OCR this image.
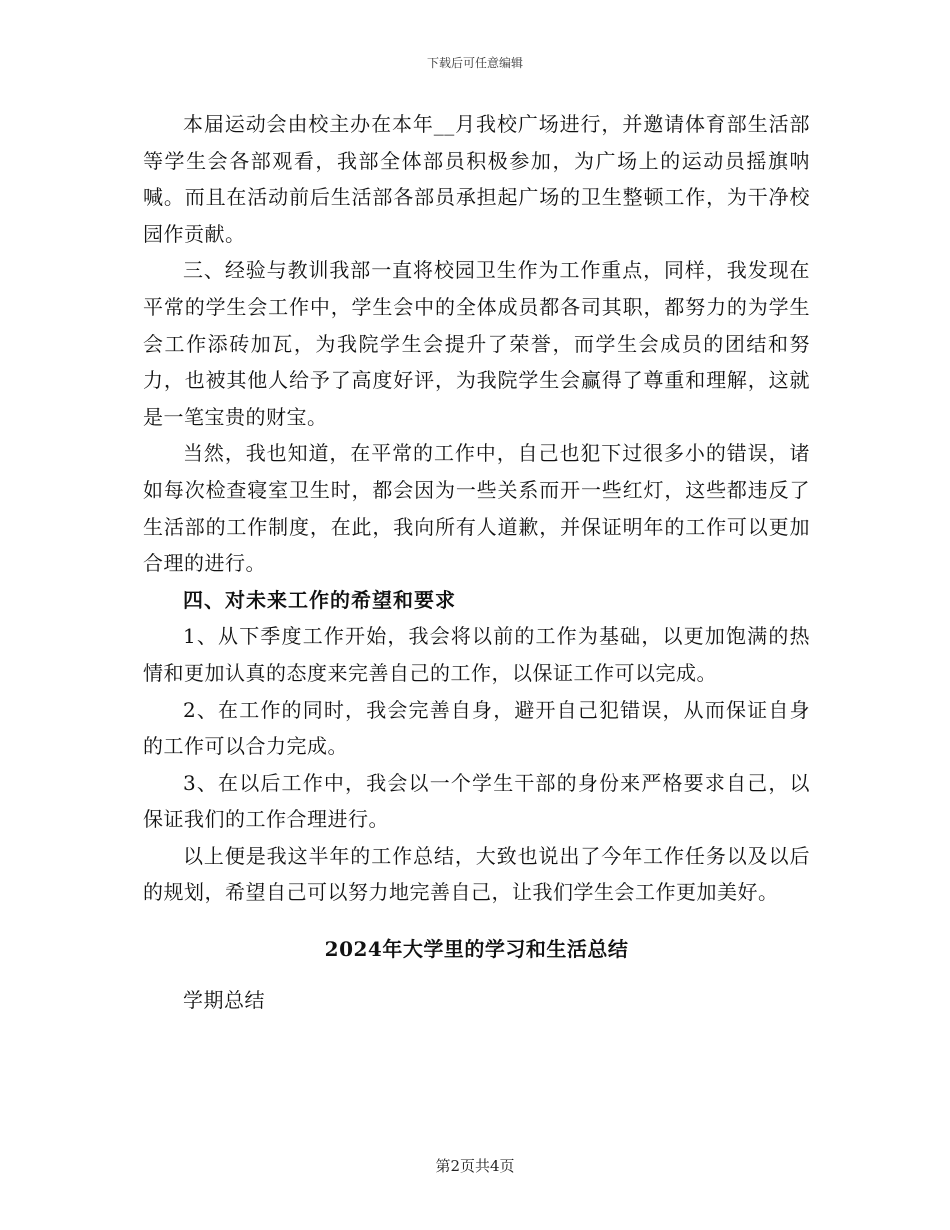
下载后可任意编辑

本届运动会由校主办在本年__月我校广场进行，并邀请体育部生活部等学生会各部观看，我部全体部员积极参加，为广场上的运动员摇旗呐喊。而且在活动前后生活部各部员承担起广场的卫生整顿工作，为干净校园作贡献。

三、经验与教训我部一直将校园卫生作为工作重点，同样，我发现在平常的学生会工作中，学生会中的全体成员都各司其职，都努力的为学生会工作添砖加瓦，为我院学生会提升了荣誉，而学生会成员的团结和努力，也被其他人给予了高度好评，为我院学生会赢得了尊重和理解，这就是一笔宝贵的财宝。

当然，我也知道，在平常的工作中，自己也犯下过很多小的错误，诸如每次检查寝室卫生时，都会因为一些关系而开一些红灯，这些都违反了生活部的工作制度，在此，我向所有人道歉，并保证明年的工作可以更加合理的进行。

四、对未来工作的希望和要求

1、从下季度工作开始，我会将以前的工作为基础，以更加饱满的热情和更加认真的态度来完善自己的工作，以保证工作可以完成。

2、在工作的同时，我会完善自身，避开自己犯错误，从而保证自身的工作可以合力完成。

3、在以后工作中，我会以一个学生干部的身份来严格要求自己，以保证我们的工作合理进行。

以上便是我这半年的工作总结，大致也说出了今年工作任务以及以后的规划，希望自己可以努力地完善自己，让我们学生会工作更加美好。

2024年大学里的学习和生活总结

学期总结

第2页共4页
